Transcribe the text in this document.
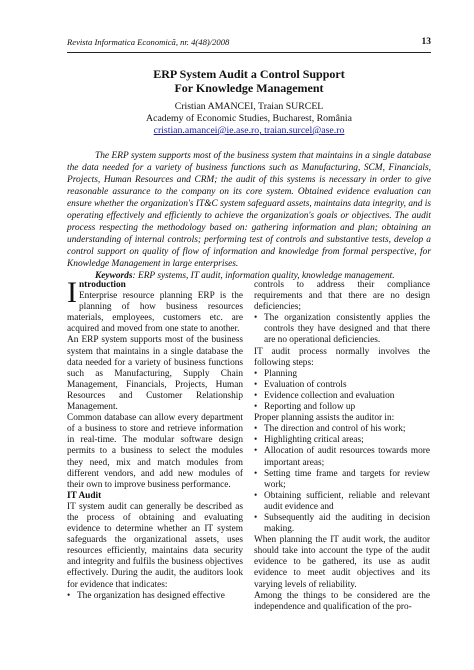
Revista Informatica Economică, nr. 4(48)/2008	13
ERP System Audit a Control Support
For Knowledge Management
Cristian AMANCEI, Traian SURCEL
Academy of Economic Studies, Bucharest, România
cristian.amancei@ie.ase.ro, traian.surcel@ase.ro

The ERP system supports most of the business system that maintains in a single database the data needed for a variety of business functions such as Manufacturing, SCM, Financials, Projects, Human Resources and CRM; the audit of this systems is necessary in order to give reasonable assurance to the company on its core system. Obtained evidence evaluation can ensure whether the organization's IT&C system safeguard assets, maintains data integrity, and is operating effectively and efficiently to achieve the organization's goals or objectives. The audit process respecting the methodology based on: gathering information and plan; obtaining an understanding of internal controls; performing test of controls and substantive tests, develop a control support on quality of flow of information and knowledge from formal perspective, for Knowledge Management in large enterprises.

Keywords: ERP systems, IT audit, information quality, knowledge management.

Introduction
Enterprise resource planning ERP is the planning of how business resources materials, employees, customers etc. are acquired and moved from one state to another.

An ERP system supports most of the business system that maintains in a single database the data needed for a variety of business functions such as Manufacturing, Supply Chain Management, Financials, Projects, Human Resources and Customer Relationship Management.

Common database can allow every department of a business to store and retrieve information in real-time. The modular software design permits to a business to select the modules they need, mix and match modules from different vendors, and add new modules of their own to improve business performance.

IT Audit

IT system audit can generally be described as the process of obtaining and evaluating evidence to determine whether an IT system safeguards the organizational assets, uses resources efficiently, maintains data security and integrity and fulfils the business objectives effectively. During the audit, the auditors look for evidence that indicates:

• The organization has designed effective

controls to address their compliance requirements and that there are no design deficiencies;

• The organization consistently applies the controls they have designed and that there are no operational deficiencies.

IT audit process normally involves the following steps:

• Planning

• Evaluation of controls

• Evidence collection and evaluation

• Reporting and follow up

Proper planning assists the auditor in:

• The direction and control of his work;

• Highlighting critical areas;

• Allocation of audit resources towards more important areas;

• Setting time frame and targets for review work;

• Obtaining sufficient, reliable and relevant audit evidence and

• Subsequently aid the auditing in decision making.

When planning the IT audit work, the auditor should take into account the type of the audit evidence to be gathered, its use as audit evidence to meet audit objectives and its varying levels of reliability.

Among the things to be considered are the independence and qualification of the pro-
